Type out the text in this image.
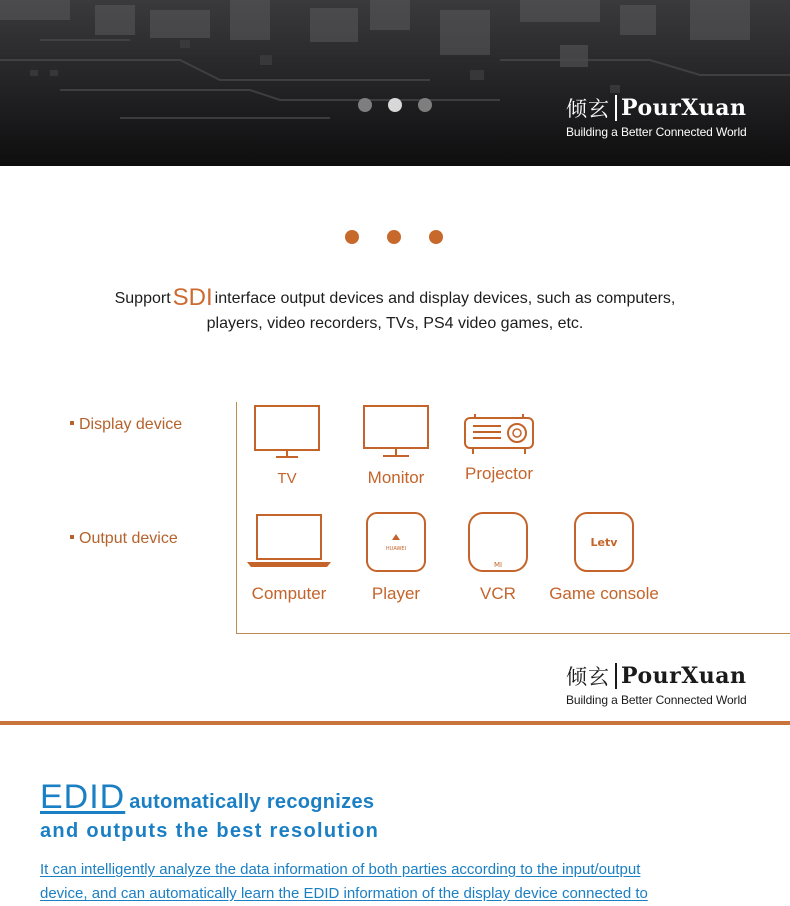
倾玄 PourXuan
Building a Better Connected World
SupportSDI interface output devices and display devices, such as computers,
players, video recorders, TVs, PS4 video games, etc.
Display device
Output device
TV	Monitor	Projector
Computer
HUAWEI
Player
MI
VCR
Letv
Game console
倾玄 PourXuan
Building a Better Connected World
EDID automatically recognizes
and outputs the best resolution
It can intelligently analyze the data information of both parties according to the input/output
device, and can automatically learn the EDID information of the display device connected to
